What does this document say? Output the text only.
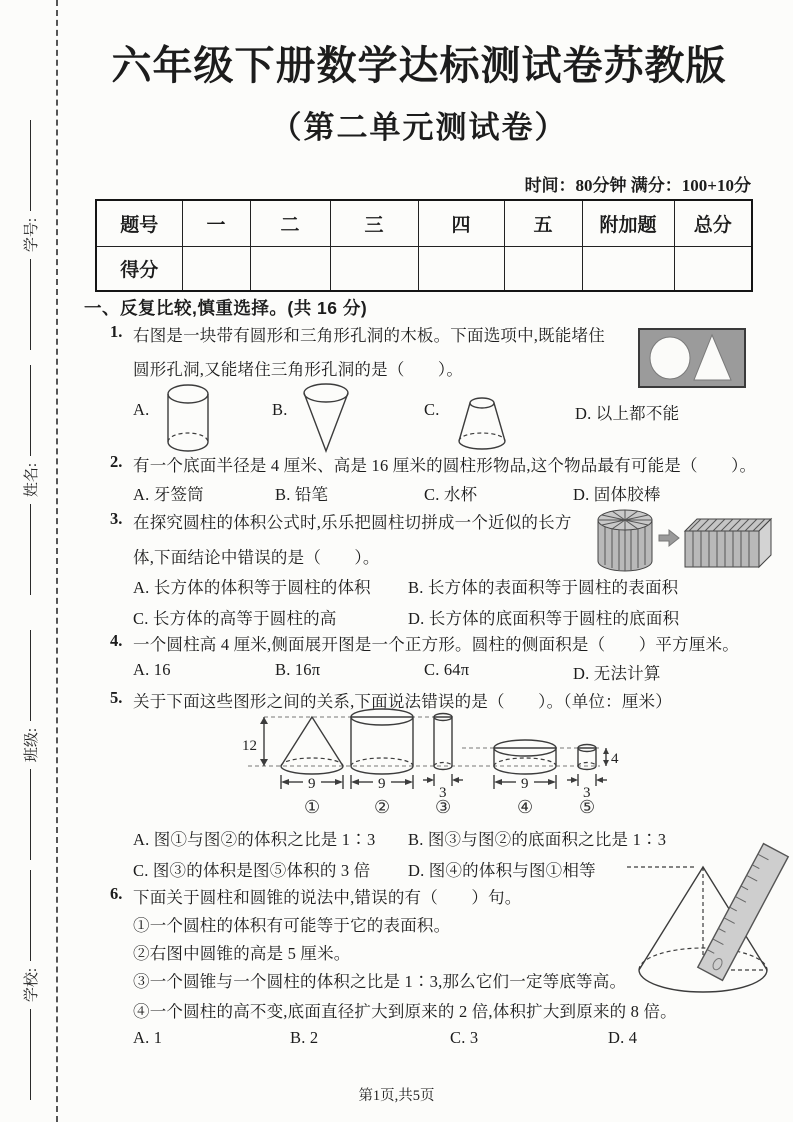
学号:
姓名:
班级:
学校:
六年级下册数学达标测试卷苏教版
（第二单元测试卷）
时间：80分钟 满分：100+10分
题号	一	二	三	四	五	附加题	总分
得分							
一、反复比较,慎重选择。(共 16 分)
1. 右图是一块带有圆形和三角形孔洞的木板。下面选项中,既能堵住
圆形孔洞,又能堵住三角形孔洞的是（　　）。
A.	B.	C.	D. 以上都不能
2. 有一个底面半径是 4 厘米、高是 16 厘米的圆柱形物品,这个物品最有可能是（　　）。
A. 牙签筒	B. 铅笔	C. 水杯	D. 固体胶棒
3. 在探究圆柱的体积公式时,乐乐把圆柱切拼成一个近似的长方
体,下面结论中错误的是（　　）。
A. 长方体的体积等于圆柱的体积 B. 长方体的表面积等于圆柱的表面积
C. 长方体的高等于圆柱的高	D. 长方体的底面积等于圆柱的底面积
4. 一个圆柱高 4 厘米,侧面展开图是一个正方形。圆柱的侧面积是（　　）平方厘米。
A. 16	B. 16π	C. 64π	D. 无法计算
5. 关于下面这些图形之间的关系,下面说法错误的是（　　）。（单位：厘米）
12
9
①
9
②
3
③
9
④
3
⑤
4
A. 图①与图②的体积之比是 1∶3 B. 图③与图②的底面积之比是 1∶3
C. 图③的体积是图⑤体积的 3 倍 D. 图④的体积与图①相等
6. 下面关于圆柱和圆锥的说法中,错误的有（　　）句。
①一个圆柱的体积有可能等于它的表面积。
②右图中圆锥的高是 5 厘米。
③一个圆锥与一个圆柱的体积之比是 1∶3,那么它们一定等底等高。
④一个圆柱的高不变,底面直径扩大到原来的 2 倍,体积扩大到原来的 8 倍。
A. 1	B. 2	C. 3	D. 4
第1页,共5页
